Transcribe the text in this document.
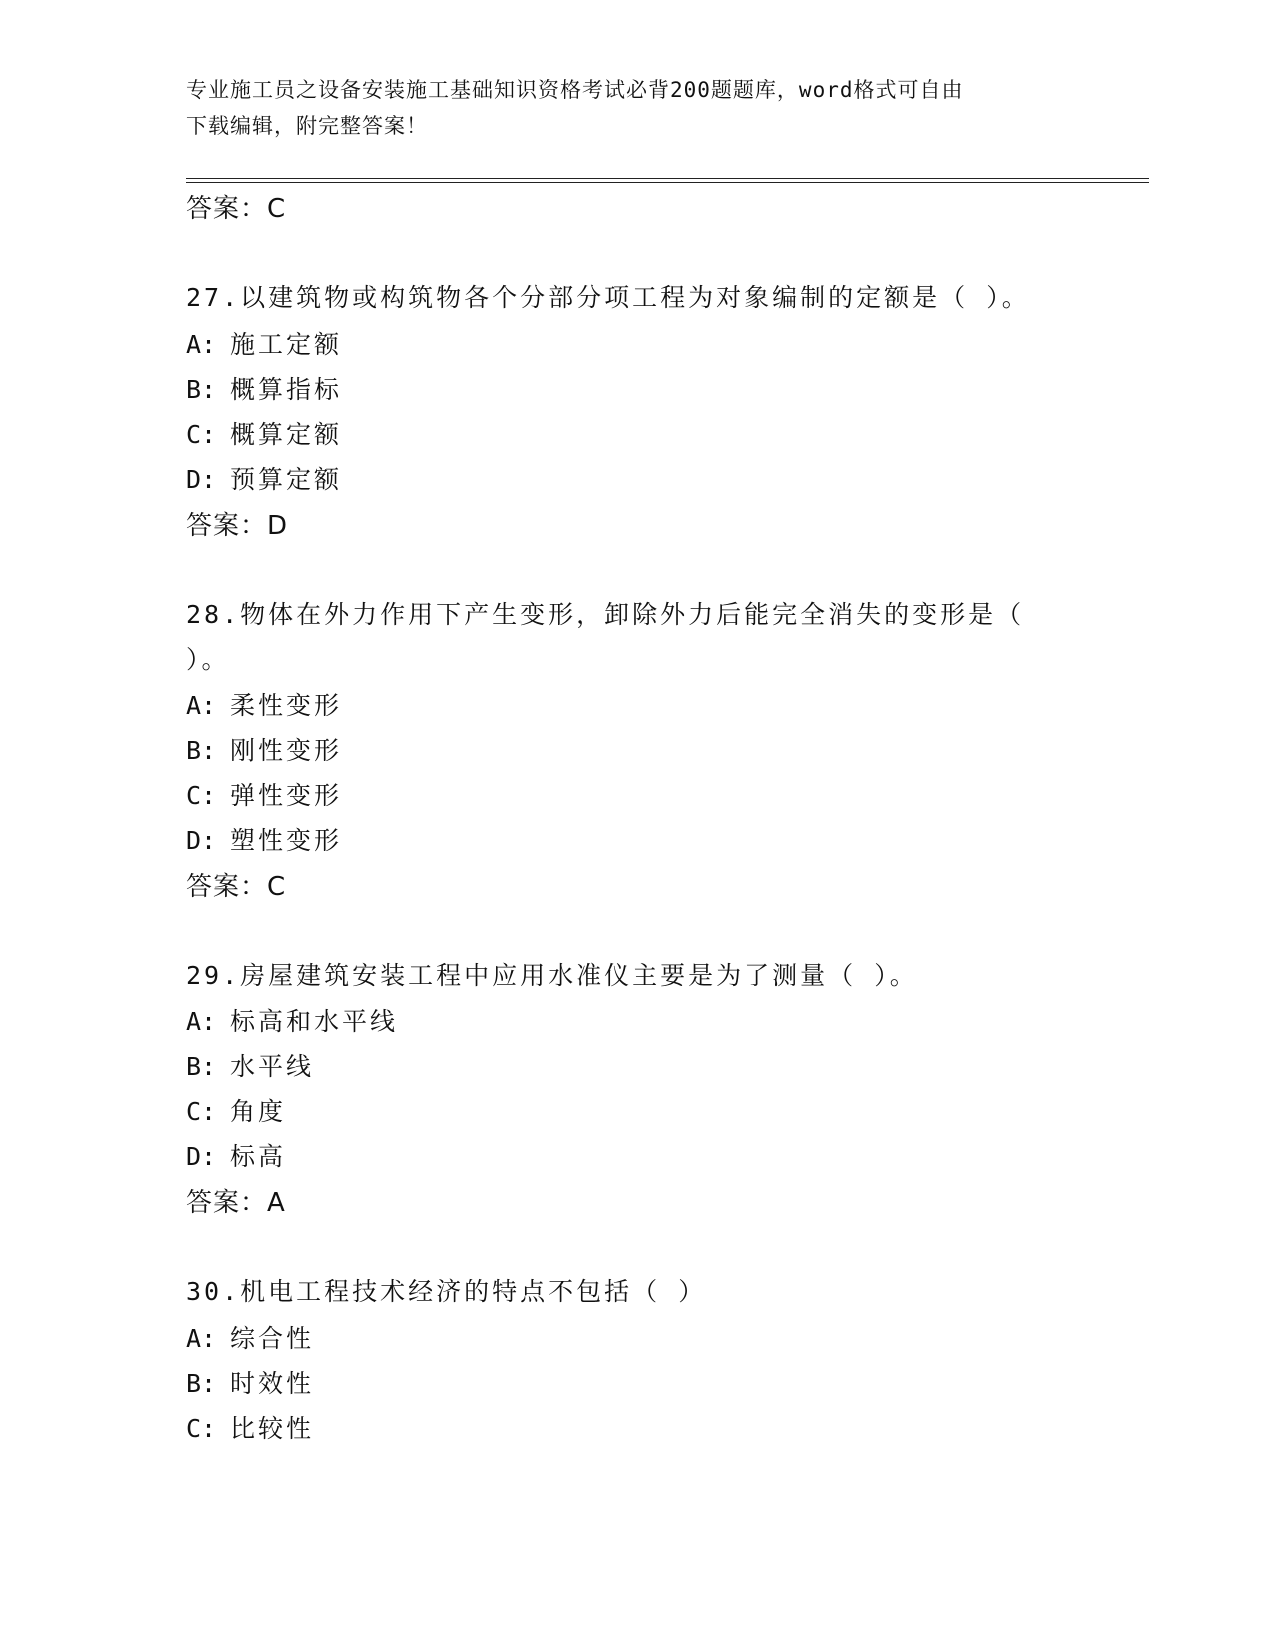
专业施工员之设备安装施工基础知识资格考试必背200题题库，word格式可自由
下载编辑，附完整答案！
答案：C
27.以建筑物或构筑物各个分部分项工程为对象编制的定额是（ ）。
A: 施工定额
B: 概算指标
C: 概算定额
D: 预算定额
答案：D
28.物体在外力作用下产生变形，卸除外力后能完全消失的变形是（ ）。
A: 柔性变形
B: 刚性变形
C: 弹性变形
D: 塑性变形
答案：C
29.房屋建筑安装工程中应用水准仪主要是为了测量（ ）。
A: 标高和水平线
B: 水平线
C: 角度
D: 标高
答案：A
30.机电工程技术经济的特点不包括（ ）
A: 综合性
B: 时效性
C: 比较性
